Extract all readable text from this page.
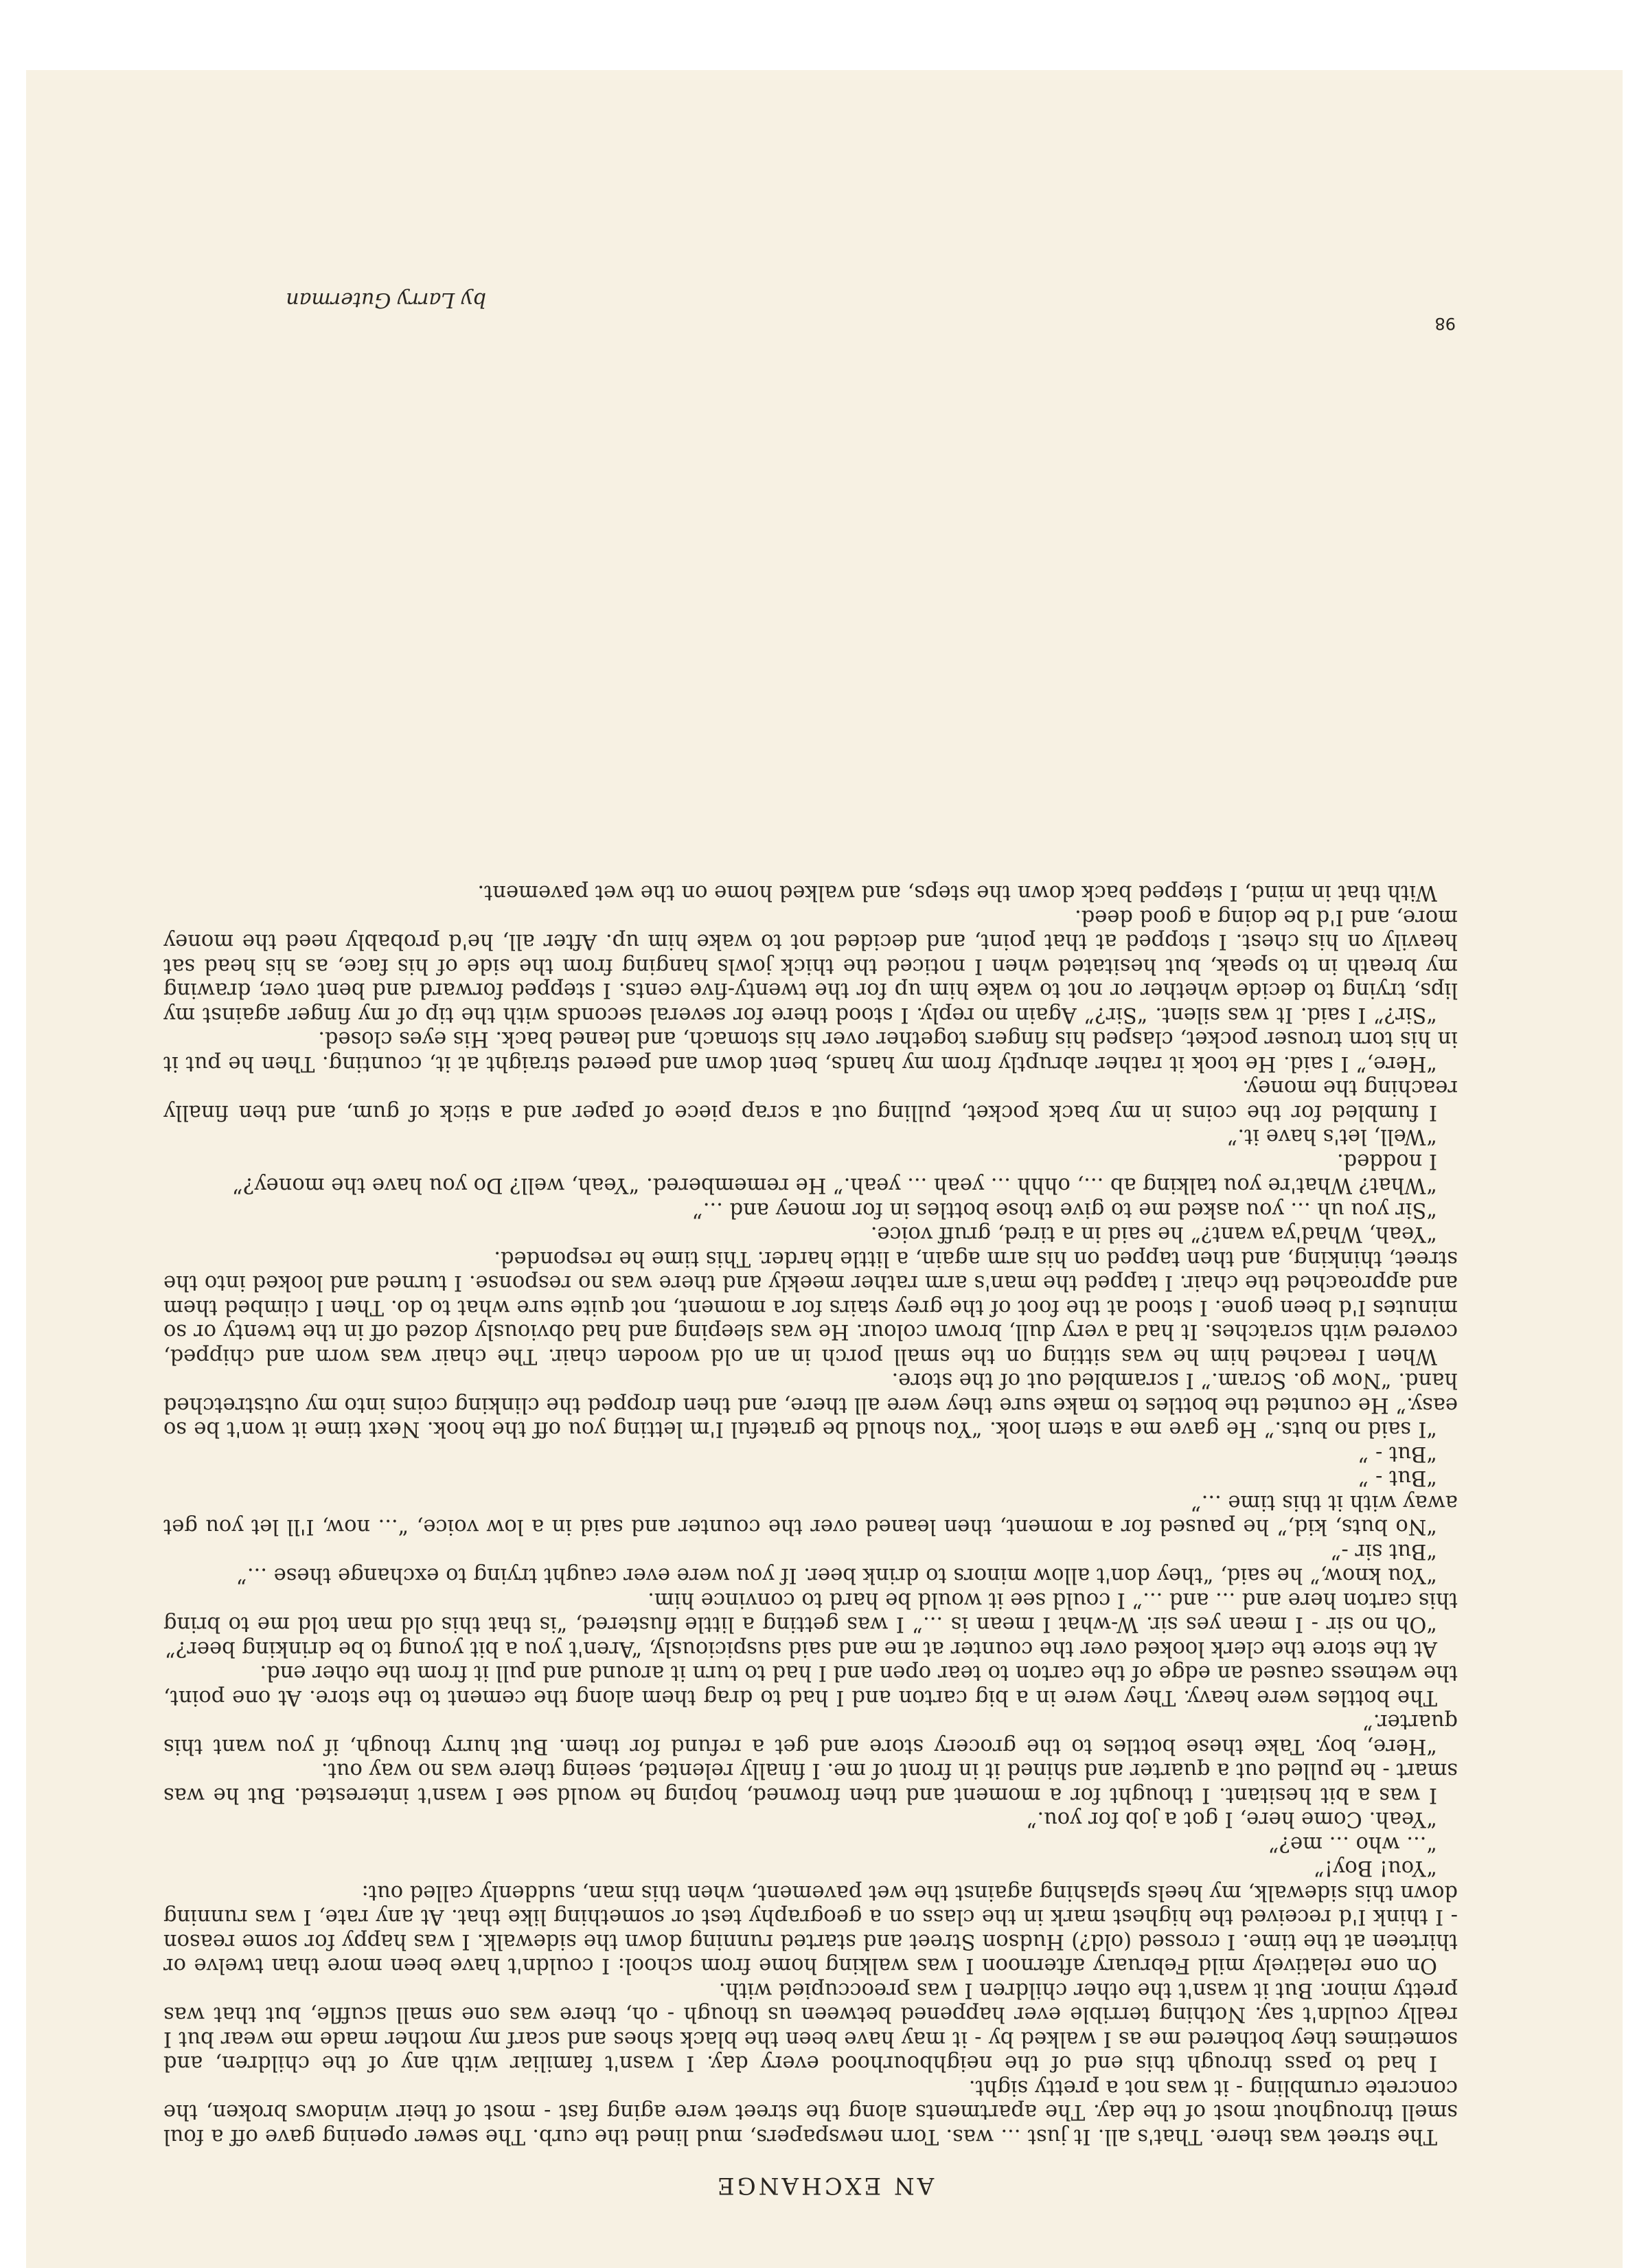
AN EXCHANGE

The street was there. That's all. It just ... was. Torn newspapers, mud lined the curb. The sewer opening gave off a foul smell throughout most of the day. The apartments along the street were aging fast - most of their windows broken, the concrete crumbling - it was not a pretty sight.

I had to pass through this end of the neighbourhood every day. I wasn't familiar with any of the children, and sometimes they bothered me as I walked by - it may have been the black shoes and scarf my mother made me wear but I really couldn't say. Nothing terrible ever happened between us though - oh, there was one small scuffle, but that was pretty minor. But it wasn't the other children I was preoccupied with.

On one relatively mild February afternoon I was walking home from school: I couldn't have been more than twelve or thirteen at the time. I crossed (old?) Hudson Street and started running down the sidewalk. I was happy for some reason - I think I'd received the highest mark in the class on a geography test or something like that. At any rate, I was running down this sidewalk, my heels splashing against the wet pavement, when this man, suddenly called out:

“You! Boy!”

“... who ... me?”

“Yeah. Come here, I got a job for you.”

I was a bit hesitant. I thought for a moment and then frowned, hoping he would see I wasn't interested. But he was smart - he pulled out a quarter and shined it in front of me. I finally relented, seeing there was no way out.

“Here, boy. Take these bottles to the grocery store and get a refund for them. But hurry though, if you want this quarter.”

The bottles were heavy. They were in a big carton and I had to drag them along the cement to the store. At one point, the wetness caused an edge of the carton to tear open and I had to turn it around and pull it from the other end.

At the store the clerk looked over the counter at me and said suspiciously, “Aren't you a bit young to be drinking beer?”

“Oh no sir - I mean yes sir. W-what I mean is ...” I was getting a little flustered, “is that this old man told me to bring this carton here and ... and ...” I could see it would be hard to convince him.

“You know,” he said, “they don't allow minors to drink beer. If you were ever caught trying to exchange these ...”

“But sir -”

“No buts, kid,” he paused for a moment, then leaned over the counter and said in a low voice, “... now, I'll let you get away with it this time ...”

“But - ”

“But - ”

“I said no buts.” He gave me a stern look. “You should be grateful I'm letting you off the hook. Next time it won't be so easy.” He counted the bottles to make sure they were all there, and then dropped the clinking coins into my outstretched hand. “Now go. Scram.” I scrambled out of the store.

When I reached him he was sitting on the small porch in an old wooden chair. The chair was worn and chipped, covered with scratches. It had a very dull, brown colour. He was sleeping and had obviously dozed off in the twenty or so minutes I'd been gone. I stood at the foot of the grey stairs for a moment, not quite sure what to do. Then I climbed them and approached the chair. I tapped the man's arm rather meekly and there was no response. I turned and looked into the street, thinking, and then tapped on his arm again, a little harder. This time he responded.

“Yeah, Whad'ya want?” he said in a tired, gruff voice.

“Sir you uh ... you asked me to give those bottles in for money and ...”

“What? What're you talking ab ..., ohhh ... yeah ... yeah.” He remembered. “Yeah, well? Do you have the money?”

I nodded.

“Well, let's have it.”

I fumbled for the coins in my back pocket, pulling out a scrap piece of paper and a stick of gum, and then finally reaching the money.

“Here,” I said. He took it rather abruptly from my hands, bent down and peered straight at it, counting. Then he put it in his torn trouser pocket, clasped his fingers together over his stomach, and leaned back. His eyes closed.

“Sir?” I said. It was silent. “Sir?” Again no reply. I stood there for several seconds with the tip of my finger against my lips, trying to decide whether or not to wake him up for the twenty-five cents. I stepped forward and bent over, drawing my breath in to speak, but hesitated when I noticed the thick jowls hanging from the side of his face, as his head sat heavily on his chest. I stopped at that point, and decided not to wake him up. After all, he'd probably need the money more, and I'd be doing a good deed.

With that in mind, I stepped back down the steps, and walked home on the wet pavement.

by Larry Guterman
98
